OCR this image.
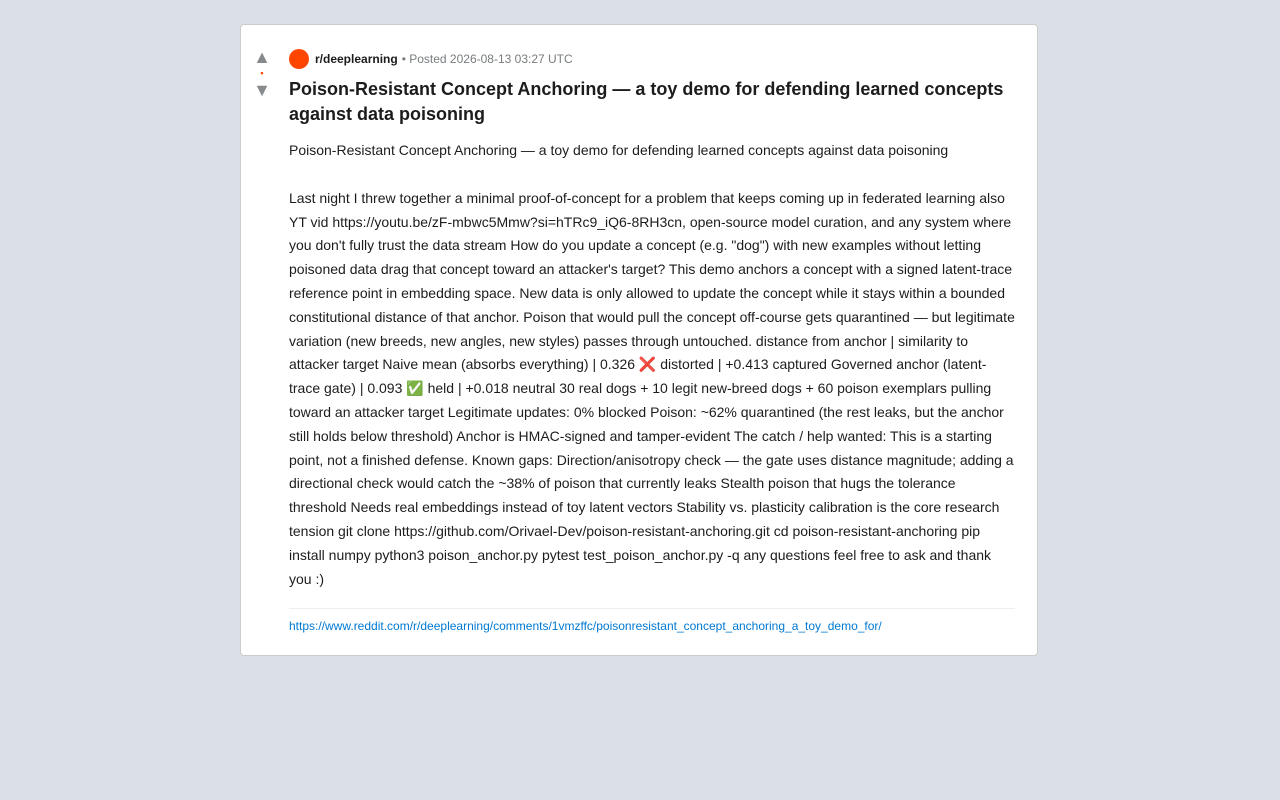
▲
•
▼
r/deeplearning •
Posted 2026-08-13 03:27 UTC
Poison-Resistant Concept Anchoring — a toy demo for defending learned concepts against data poisoning

Poison-Resistant Concept Anchoring — a toy demo for defending learned concepts against data poisoning

Last night I threw together a minimal proof-of-concept for a problem that keeps coming up in federated learning also YT vid https://youtu.be/zF-mbwc5Mmw?si=hTRc9_iQ6-8RH3cn, open-source model curation, and any system where you don't fully trust the data stream How do you update a concept (e.g. "dog") with new examples without letting poisoned data drag that concept toward an attacker's target? This demo anchors a concept with a signed latent-trace reference point in embedding space. New data is only allowed to update the concept while it stays within a bounded constitutional distance of that anchor. Poison that would pull the concept off-course gets quarantined — but legitimate variation (new breeds, new angles, new styles) passes through untouched. distance from anchor | similarity to attacker target Naive mean (absorbs everything) | 0.326 ❌ distorted | +0.413 captured Governed anchor (latent-trace gate) | 0.093 ✅ held | +0.018 neutral 30 real dogs + 10 legit new-breed dogs + 60 poison exemplars pulling toward an attacker target Legitimate updates: 0% blocked Poison: ~62% quarantined (the rest leaks, but the anchor still holds below threshold) Anchor is HMAC-signed and tamper-evident The catch / help wanted: This is a starting point, not a finished defense. Known gaps: Direction/anisotropy check — the gate uses distance magnitude; adding a directional check would catch the ~38% of poison that currently leaks Stealth poison that hugs the tolerance threshold Needs real embeddings instead of toy latent vectors Stability vs. plasticity calibration is the core research tension git clone https://github.com/Orivael-Dev/poison-resistant-anchoring.git cd poison-resistant-anchoring pip install numpy python3 poison_anchor.py pytest test_poison_anchor.py -q any questions feel free to ask and thank you :)

https://www.reddit.com/r/deeplearning/comments/1vmzffc/poisonresistant_concept_anchoring_a_toy_demo_for/
